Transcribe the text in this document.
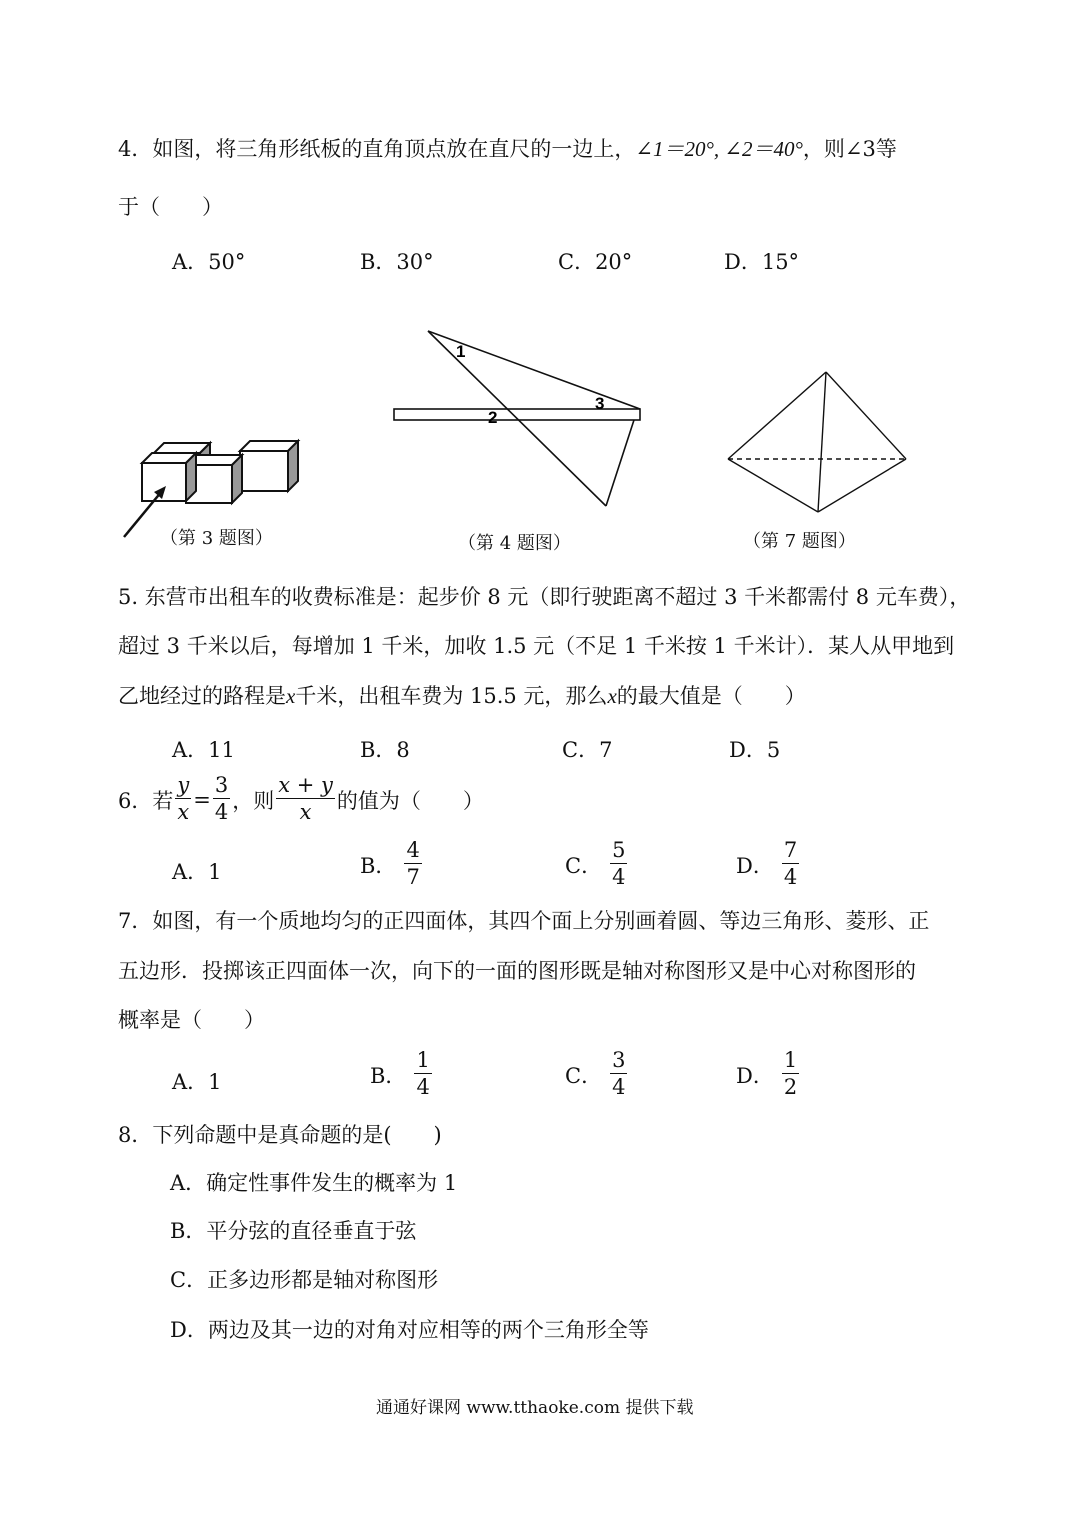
4．如图，将三角形纸板的直角顶点放在直尺的一边上，∠1＝20°, ∠2＝40°，则∠3等
于（　　）
A．50°	B．30°	C．20°	D．15°
（第 3 题图）
1
2
3
（第 4 题图）	（第 7 题图）
5. 东营市出租车的收费标准是：起步价 8 元（即行驶距离不超过 3 千米都需付 8 元车费），
超过 3 千米以后，每增加 1 千米，加收 1.5 元（不足 1 千米按 1 千米计）．某人从甲地到
乙地经过的路程是x千米，出租车费为 15.5 元，那么x的最大值是（　　）
A．11	B．8	C．7	D．5
6．若 $\frac{y}{x} = \frac{3}{4}$ ，则 $\frac{x + y}{x}$ 的值为（　　）
A．1	B． $\frac{4}{7}$	C． $\frac{5}{4}$	D． $\frac{7}{4}$
7．如图，有一个质地均匀的正四面体，其四个面上分别画着圆、等边三角形、菱形、正
五边形．投掷该正四面体一次，向下的一面的图形既是轴对称图形又是中心对称图形的
概率是（　　）
A．1	B． $\frac{1}{4}$	C． $\frac{3}{4}$	D． $\frac{1}{2}$
8．下列命题中是真命题的是(　　)
A．确定性事件发生的概率为 1
B．平分弦的直径垂直于弦
C．正多边形都是轴对称图形
D．两边及其一边的对角对应相等的两个三角形全等
通通好课网 www.tthaoke.com 提供下载
